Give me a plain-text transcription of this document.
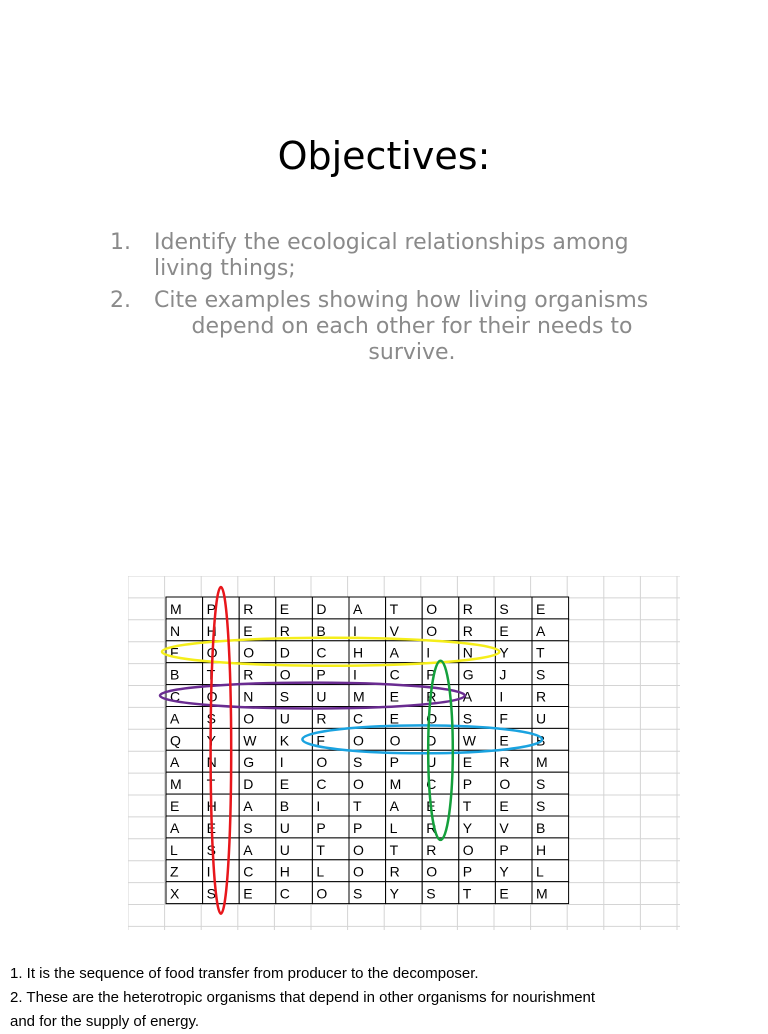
Objectives:
1. Identify the ecological relationships among living things;
2. Cite examples showing how living organisms
depend on each other for their needs to
survive.
M P R E D A T O R S E
N H E R B I V O R E A
F O O D C H A I N Y T
B T R O P I C P G J S
C O N S U M E R A I R
A S O U R C E O S F U
Q Y W K F O O D W E B
A N G I O S P U E R M
M T D E C O M C P O S
E H A B I T A E T E S
A E S U P P L R Y V B
L S A U T O T R O P H
Z I C H L O R O P Y L
X S E C O S Y S T E M
1. It is the sequence of food transfer from producer to the decomposer.
2. These are the heterotropic organisms that depend in other organisms for nourishment
and for the supply of energy.
